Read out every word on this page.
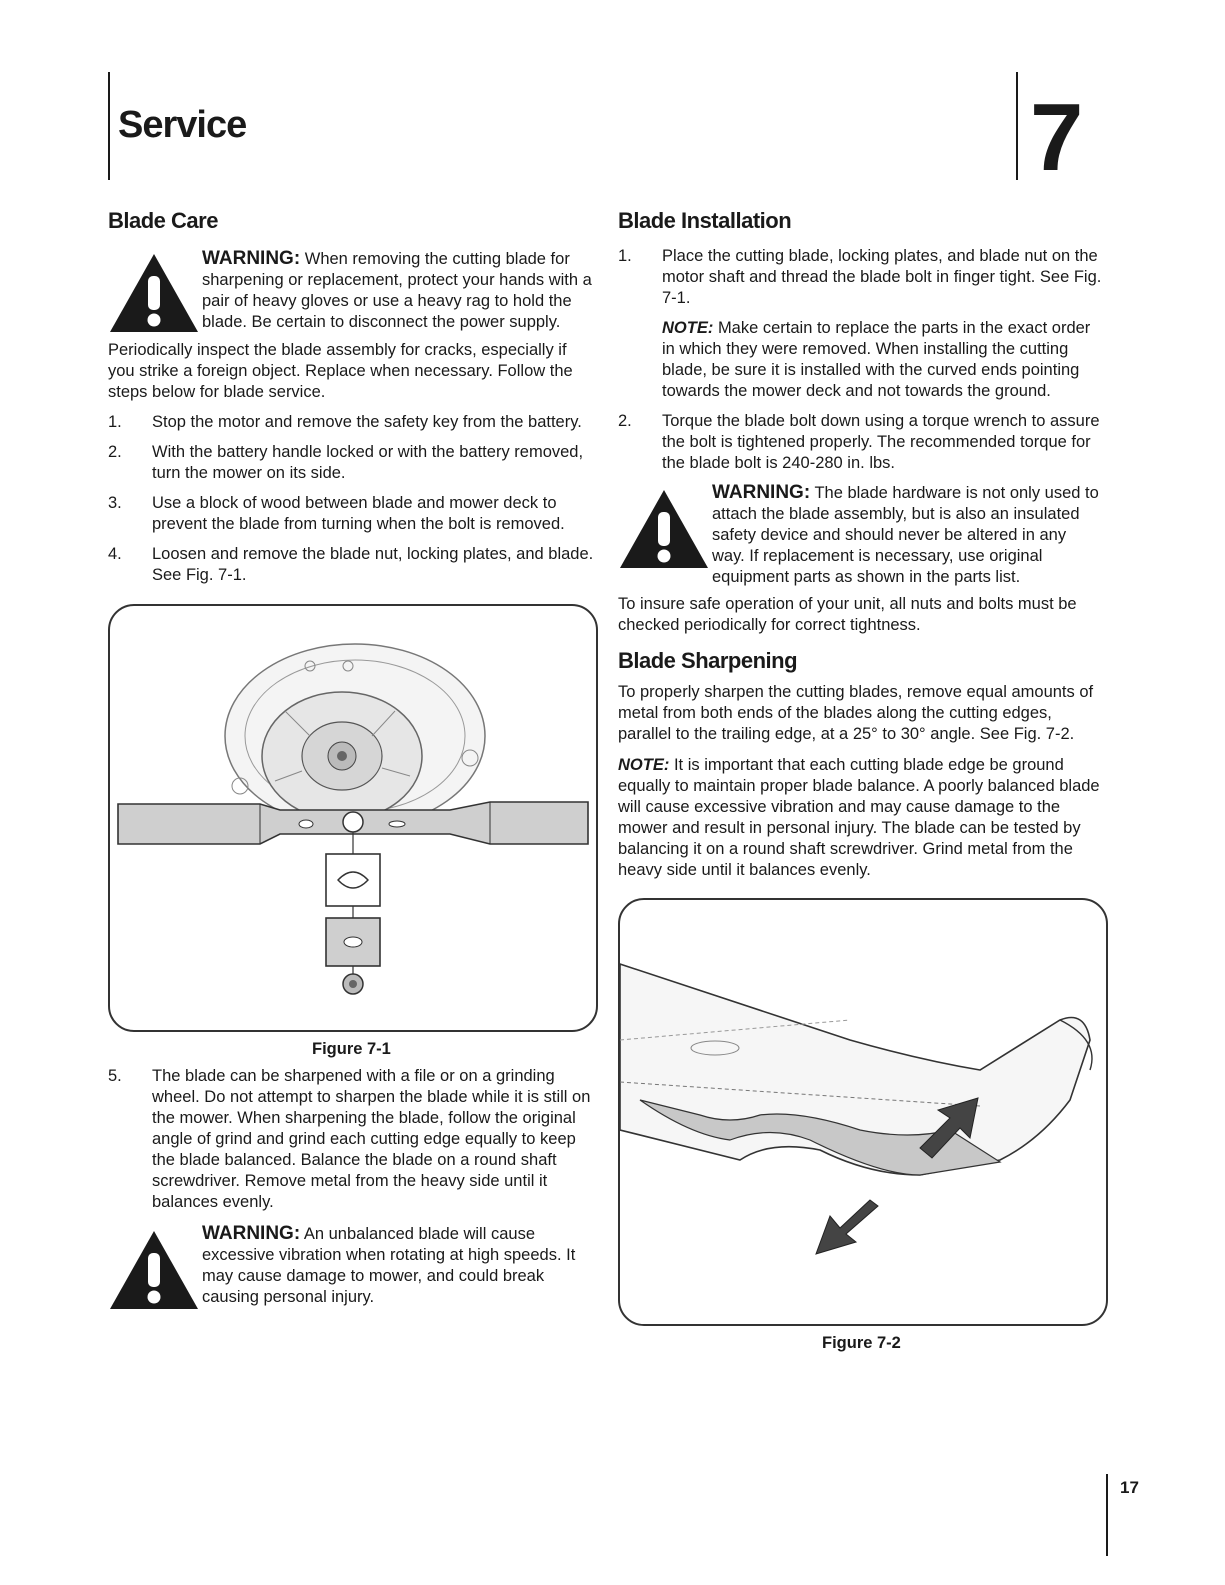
Service	7
Blade Care
WARNING: When removing the cutting blade for sharpening or replacement, protect your hands with a pair of heavy gloves or use a heavy rag to hold the blade. Be certain to disconnect the power supply.

Periodically inspect the blade assembly for cracks, especially if you strike a foreign object. Replace when necessary. Follow the steps below for blade service.

1.	Stop the motor and remove the safety key from the battery.
2.	With the battery handle locked or with the battery removed, turn the mower on its side.
3.	Use a block of wood between blade and mower deck to prevent the blade from turning when the bolt is removed.
4.	Loosen and remove the blade nut, locking plates, and blade. See Fig. 7-1.
Figure 7-1
5.	The blade can be sharpened with a file or on a grinding wheel. Do not attempt to sharpen the blade while it is still on the mower. When sharpening the blade, follow the original angle of grind and grind each cutting edge equally to keep the blade balanced. Balance the blade on a round shaft screwdriver. Remove metal from the heavy side until it balances evenly.
WARNING: An unbalanced blade will cause excessive vibration when rotating at high speeds. It may cause damage to mower, and could break causing personal injury.
Blade Installation
1.	Place the cutting blade, locking plates, and blade nut on the motor shaft and thread the blade bolt in finger tight. See Fig. 7-1.

NOTE: Make certain to replace the parts in the exact order in which they were removed. When installing the cutting blade, be sure it is installed with the curved ends pointing towards the mower deck and not towards the ground.

2.	Torque the blade bolt down using a torque wrench to assure the bolt is tightened properly. The recommended torque for the blade bolt is 240-280 in. lbs.
WARNING: The blade hardware is not only used to attach the blade assembly, but is also an insulated safety device and should never be altered in any way. If replacement is necessary, use original equipment parts as shown in the parts list.

To insure safe operation of your unit, all nuts and bolts must be checked periodically for correct tightness.

Blade Sharpening

To properly sharpen the cutting blades, remove equal amounts of metal from both ends of the blades along the cutting edges, parallel to the trailing edge, at a 25° to 30° angle. See Fig. 7-2.

NOTE: It is important that each cutting blade edge be ground equally to maintain proper blade balance. A poorly balanced blade will cause excessive vibration and may cause damage to the mower and result in personal injury. The blade can be tested by balancing it on a round shaft screwdriver. Grind metal from the heavy side until it balances evenly.

Figure 7-2
17
